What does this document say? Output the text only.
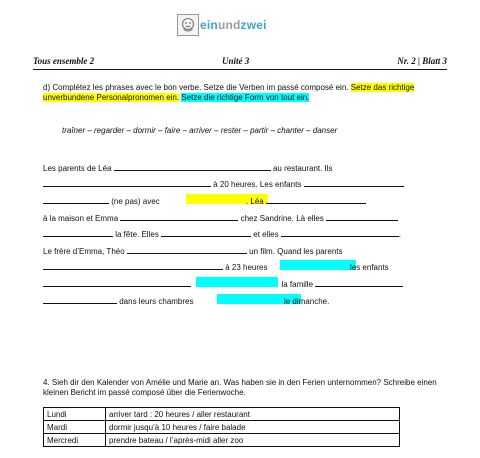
einundzwei
Tous ensemble 2	Unité 3	Nr. 2 | Blatt 3
d) Complétez les phrases avec le bon verbe. Setze die Verben im passé composé ein. Setze das richtige unverbundene Personalpronomen ein. Setze die richtige Form von tout ein.
traîner – regarder – dormir – faire – arriver – rester – partir – chanter – danser
Les parents de Léa	au restaurant. Ils
à 20 heures. Les enfants
(ne pas) avec	. Léa
à la maison et Emma	chez Sandrine. Là elles
la fête. Elles	et elles	.
Le frère d’Emma, Théo	un film. Quand les parents
à 23 heures	les enfants
la famille
dans leurs chambres	le dimanche.
4. Sieh dir den Kalender von Amélie und Marie an. Was haben sie in den Ferien unternommen? Schreibe einen kleinen Bericht im passé composé über die Ferienwoche.
Lundi	arriver tard : 20 heures / aller restaurant
Mardi	dormir jusqu’à 10 heures / faire balade
Mercredi	prendre bateau / l’après-midi aller zoo
